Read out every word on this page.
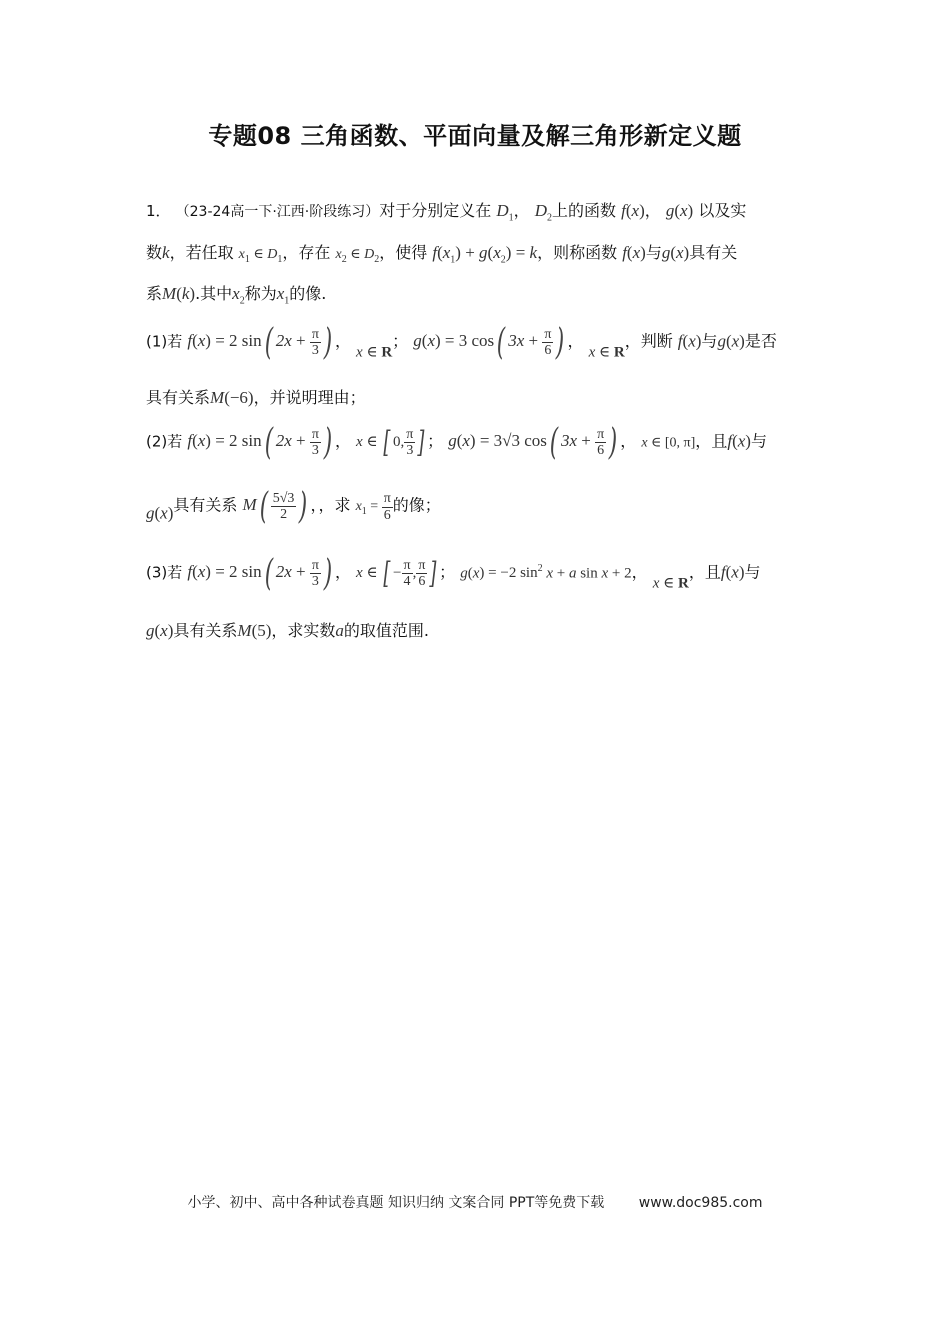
专题08 三角函数、平面向量及解三角形新定义题
1． （23-24高一下·江西·阶段练习）对于分别定义在 $D_1$， $D_2$上的函数 f(x)， g(x) 以及实
数k，若任取 $x_1$ ∈ $D_1$，存在 $x_2$ ∈ $D_2$，使得 $f(x_1) + g(x_2) = k$，则称函数 f(x)与g(x)具有关
系M(k).其中$x_2$称为$x_1$的像.
(1)若 f(x) = 2 sin( $2x + \frac{\pi}{3}$ ) ， x ∈ R； g(x) = 3 cos( $3x + \frac{\pi}{6}$ ) ， x ∈ R，判断 f(x)与g(x)是否
具有关系M(−6)，并说明理由；
(2)若 f(x) = 2 sin( $2x + \frac{\pi}{3}$ ) ， x ∈ [ 0, $\frac{\pi}{3}$ ] ； g(x) = 3√3 cos( $3x + \frac{\pi}{6}$ ) ， x ∈ [0, π]，且f(x)与
g(x)具有关系 $M( \frac{5√3}{2}$ ) ，，求 $x_1 = \frac{\pi}{6}$ 的像；
(3)若 f(x) = 2 sin( $2x + \frac{\pi}{3}$ ) ， x ∈ [ − $\frac{\pi}{4}$ , $\frac{\pi}{6}$ ] ； g(x) = −2 $\sin^2 x + a$ sin x + 2， x ∈ R，且f(x)与
g(x)具有关系M(5)，求实数a的取值范围.
小学、初中、高中各种试卷真题 知识归纳 文案合同 PPT等免费下载 www.doc985.com
